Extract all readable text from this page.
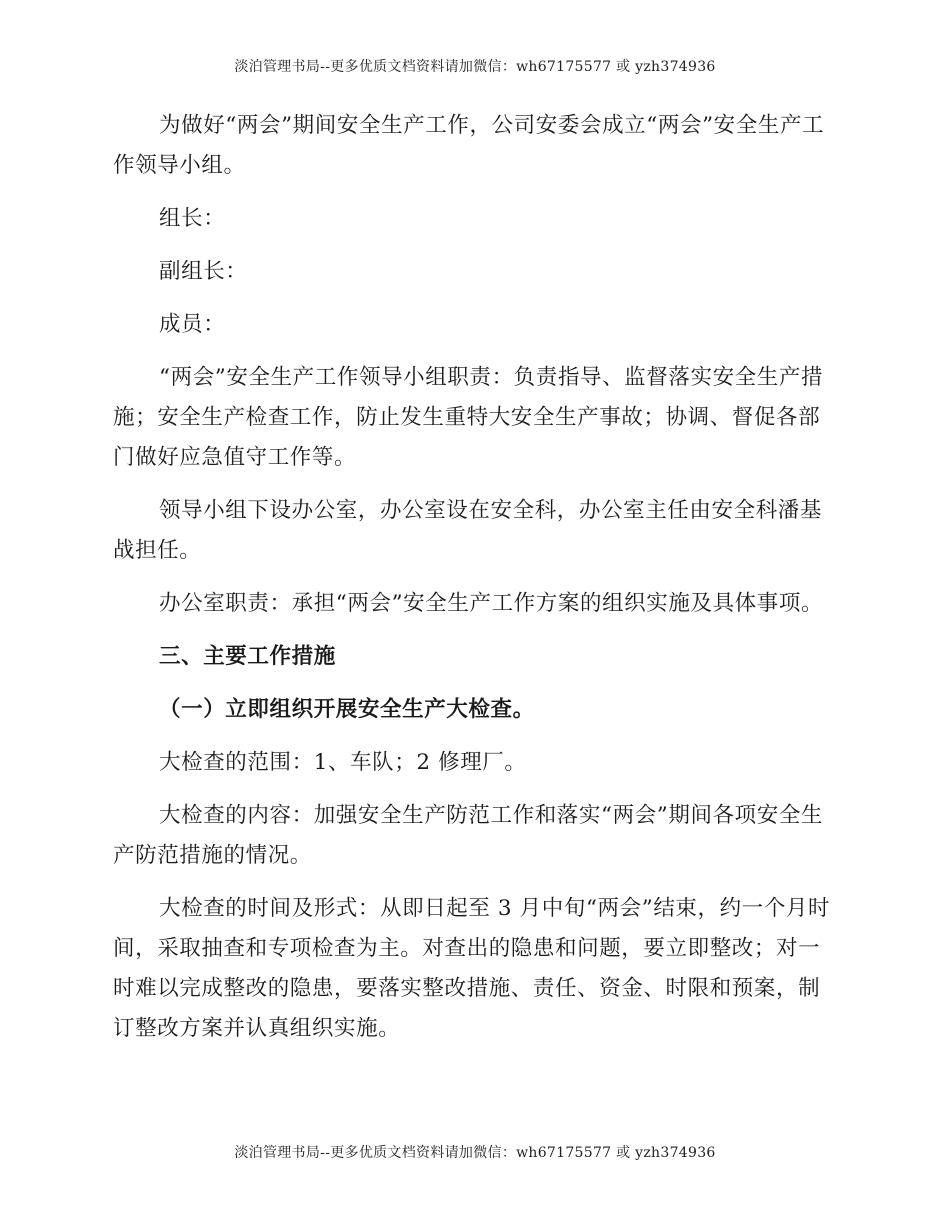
淡泊管理书局--更多优质文档资料请加微信：wh67175577 或 yzh374936

为做好“两会”期间安全生产工作，公司安委会成立“两会”安全生产工作领导小组。

组长：

副组长：

成员：

“两会”安全生产工作领导小组职责：负责指导、监督落实安全生产措施；安全生产检查工作，防止发生重特大安全生产事故；协调、督促各部门做好应急值守工作等。

领导小组下设办公室，办公室设在安全科，办公室主任由安全科潘基战担任。

办公室职责：承担“两会”安全生产工作方案的组织实施及具体事项。

三、主要工作措施

（一）立即组织开展安全生产大检查。

大检查的范围：1、车队；2 修理厂。

大检查的内容：加强安全生产防范工作和落实“两会”期间各项安全生产防范措施的情况。

大检查的时间及形式：从即日起至 3 月中旬“两会”结束，约一个月时间，采取抽查和专项检查为主。对查出的隐患和问题，要立即整改；对一时难以完成整改的隐患，要落实整改措施、责任、资金、时限和预案，制订整改方案并认真组织实施。

淡泊管理书局--更多优质文档资料请加微信：wh67175577 或 yzh374936
